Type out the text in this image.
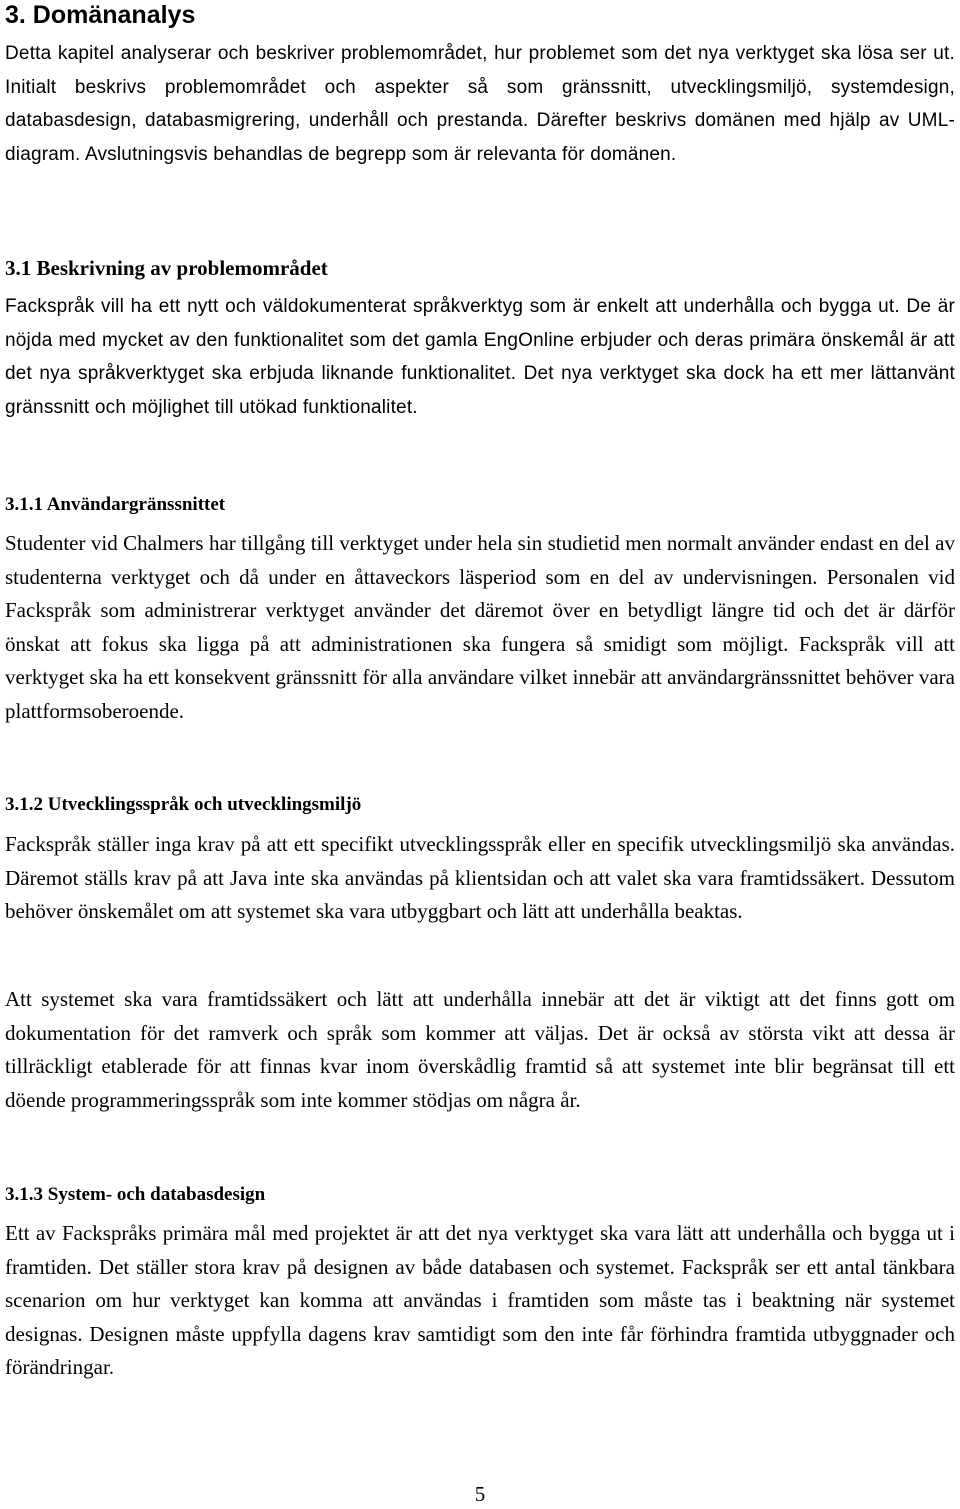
3. Domänanalys

Detta kapitel analyserar och beskriver problemområdet, hur problemet som det nya verktyget ska lösa ser ut. Initialt beskrivs problemområdet och aspekter så som gränssnitt, utvecklingsmiljö, systemdesign, databasdesign, databasmigrering, underhåll och prestanda. Därefter beskrivs domänen med hjälp av UML-diagram. Avslutningsvis behandlas de begrepp som är relevanta för domänen.

3.1 Beskrivning av problemområdet

Fackspråk vill ha ett nytt och väldokumenterat språkverktyg som är enkelt att underhålla och bygga ut. De är nöjda med mycket av den funktionalitet som det gamla EngOnline erbjuder och deras primära önskemål är att det nya språkverktyget ska erbjuda liknande funktionalitet. Det nya verktyget ska dock ha ett mer lättanvänt gränssnitt och möjlighet till utökad funktionalitet.

3.1.1 Användargränssnittet

Studenter vid Chalmers har tillgång till verktyget under hela sin studietid men normalt använder endast en del av studenterna verktyget och då under en åttaveckors läsperiod som en del av undervisningen. Personalen vid Fackspråk som administrerar verktyget använder det däremot över en betydligt längre tid och det är därför önskat att fokus ska ligga på att administrationen ska fungera så smidigt som möjligt. Fackspråk vill att verktyget ska ha ett konsekvent gränssnitt för alla användare vilket innebär att användargränssnittet behöver vara plattformsoberoende.

3.1.2 Utvecklingsspråk och utvecklingsmiljö

Fackspråk ställer inga krav på att ett specifikt utvecklingsspråk eller en specifik utvecklingsmiljö ska användas. Däremot ställs krav på att Java inte ska användas på klientsidan och att valet ska vara framtidssäkert. Dessutom behöver önskemålet om att systemet ska vara utbyggbart och lätt att underhålla beaktas.

Att systemet ska vara framtidssäkert och lätt att underhålla innebär att det är viktigt att det finns gott om dokumentation för det ramverk och språk som kommer att väljas. Det är också av största vikt att dessa är tillräckligt etablerade för att finnas kvar inom överskådlig framtid så att systemet inte blir begränsat till ett döende programmeringsspråk som inte kommer stödjas om några år.

3.1.3 System- och databasdesign

Ett av Fackspråks primära mål med projektet är att det nya verktyget ska vara lätt att underhålla och bygga ut i framtiden. Det ställer stora krav på designen av både databasen och systemet. Fackspråk ser ett antal tänkbara scenarion om hur verktyget kan komma att användas i framtiden som måste tas i beaktning när systemet designas. Designen måste uppfylla dagens krav samtidigt som den inte får förhindra framtida utbyggnader och förändringar.

5
